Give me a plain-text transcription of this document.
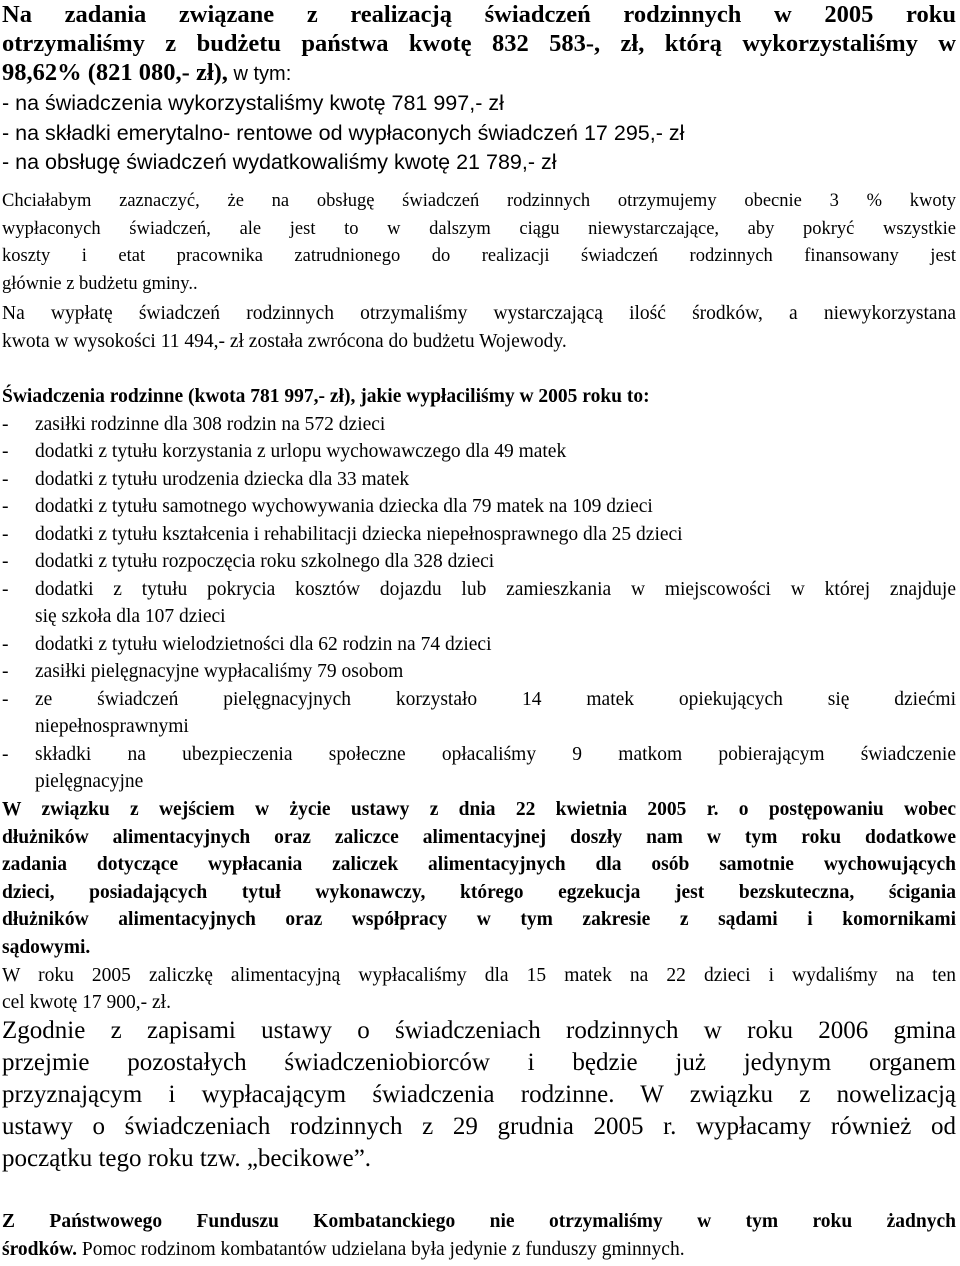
Na zadania związane z realizacją świadczeń rodzinnych w 2005 roku
otrzymaliśmy z budżetu państwa kwotę 832 583-, zł, którą wykorzystaliśmy w
98,62% (821 080,- zł), w tym:
- na świadczenia wykorzystaliśmy kwotę 781 997,- zł
- na składki emerytalno- rentowe od wypłaconych świadczeń 17 295,- zł
- na obsługę świadczeń wydatkowaliśmy kwotę 21 789,- zł
Chciałabym zaznaczyć, że na obsługę świadczeń rodzinnych otrzymujemy obecnie 3 % kwoty
wypłaconych świadczeń, ale jest to w dalszym ciągu niewystarczające, aby pokryć wszystkie
koszty i etat pracownika zatrudnionego do realizacji świadczeń rodzinnych finansowany jest
głównie z budżetu gminy..
Na wypłatę świadczeń rodzinnych otrzymaliśmy wystarczającą ilość środków, a niewykorzystana
kwota w wysokości 11 494,- zł została zwrócona do budżetu Wojewody.
Świadczenia rodzinne (kwota 781 997,- zł), jakie wypłaciliśmy w 2005 roku to:
- zasiłki rodzinne dla 308 rodzin na 572 dzieci
- dodatki z tytułu korzystania z urlopu wychowawczego dla 49 matek
- dodatki z tytułu urodzenia dziecka dla 33 matek
- dodatki z tytułu samotnego wychowywania dziecka dla 79 matek na 109 dzieci
- dodatki z tytułu kształcenia i rehabilitacji dziecka niepełnosprawnego dla 25 dzieci
- dodatki z tytułu rozpoczęcia roku szkolnego dla 328 dzieci
- dodatki z tytułu pokrycia kosztów dojazdu lub zamieszkania w miejscowości w której znajduje
się szkoła dla 107 dzieci
- dodatki z tytułu wielodzietności dla 62 rodzin na 74 dzieci
- zasiłki pielęgnacyjne wypłacaliśmy 79 osobom
- ze świadczeń pielęgnacyjnych korzystało 14 matek opiekujących się dziećmi
niepełnosprawnymi
- składki na ubezpieczenia społeczne opłacaliśmy 9 matkom pobierającym świadczenie
pielęgnacyjne
W związku z wejściem w życie ustawy z dnia 22 kwietnia 2005 r. o postępowaniu wobec
dłużników alimentacyjnych oraz zaliczce alimentacyjnej doszły nam w tym roku dodatkowe
zadania dotyczące wypłacania zaliczek alimentacyjnych dla osób samotnie wychowujących
dzieci, posiadających tytuł wykonawczy, którego egzekucja jest bezskuteczna, ścigania
dłużników alimentacyjnych oraz współpracy w tym zakresie z sądami i komornikami
sądowymi.
W roku 2005 zaliczkę alimentacyjną wypłacaliśmy dla 15 matek na 22 dzieci i wydaliśmy na ten
cel kwotę 17 900,- zł.
Zgodnie z zapisami ustawy o świadczeniach rodzinnych w roku 2006 gmina
przejmie pozostałych świadczeniobiorców i będzie już jedynym organem
przyznającym i wypłacającym świadczenia rodzinne. W związku z nowelizacją
ustawy o świadczeniach rodzinnych z 29 grudnia 2005 r. wypłacamy również od
początku tego roku tzw. „becikowe”.
Z Państwowego Funduszu Kombatanckiego nie otrzymaliśmy w tym roku żadnych
środków. Pomoc rodzinom kombatantów udzielana była jedynie z funduszy gminnych.
